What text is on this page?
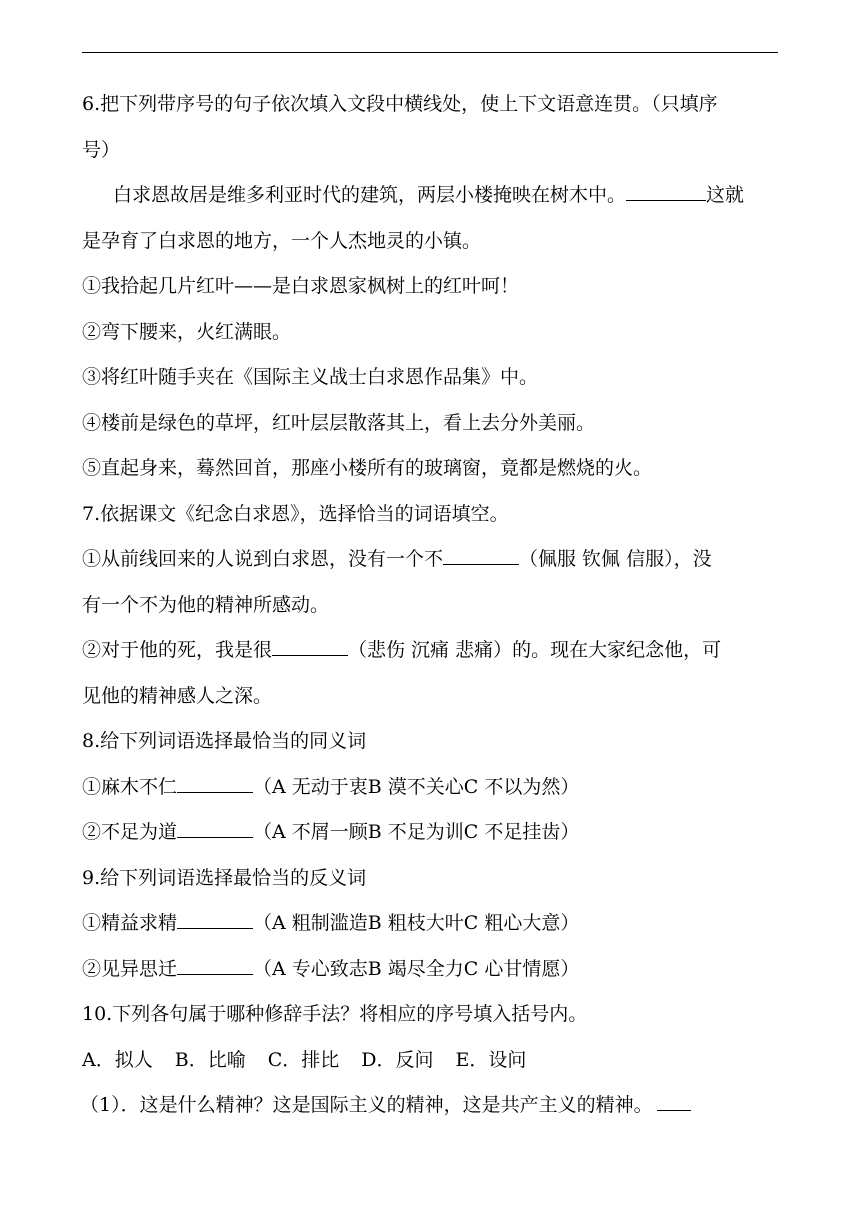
6.把下列带序号的句子依次填入文段中横线处，使上下文语意连贯。（只填序
号）
白求恩故居是维多利亚时代的建筑，两层小楼掩映在树木中。	这就
是孕育了白求恩的地方，一个人杰地灵的小镇。
①我拾起几片红叶——是白求恩家枫树上的红叶呵！
②弯下腰来，火红满眼。
③将红叶随手夹在《国际主义战士白求恩作品集》中。
④楼前是绿色的草坪，红叶层层散落其上，看上去分外美丽。
⑤直起身来，蓦然回首，那座小楼所有的玻璃窗，竟都是燃烧的火。
7.依据课文《纪念白求恩》，选择恰当的词语填空。
①从前线回来的人说到白求恩，没有一个不	（佩服 钦佩 信服），没
有一个不为他的精神所感动。
②对于他的死，我是很	（悲伤 沉痛 悲痛）的。现在大家纪念他，可
见他的精神感人之深。
8.给下列词语选择最恰当的同义词
①麻木不仁	（A 无动于衷B 漠不关心C 不以为然）
②不足为道	（A 不屑一顾B 不足为训C 不足挂齿）
9.给下列词语选择最恰当的反义词
①精益求精	（A 粗制滥造B 粗枝大叶C 粗心大意）
②见异思迁	（A 专心致志B 竭尽全力C 心甘情愿）
10.下列各句属于哪种修辞手法？将相应的序号填入括号内。
A．拟人 B．比喻 C．排比 D．反问 E．设问
（1）．这是什么精神？这是国际主义的精神，这是共产主义的精神。
